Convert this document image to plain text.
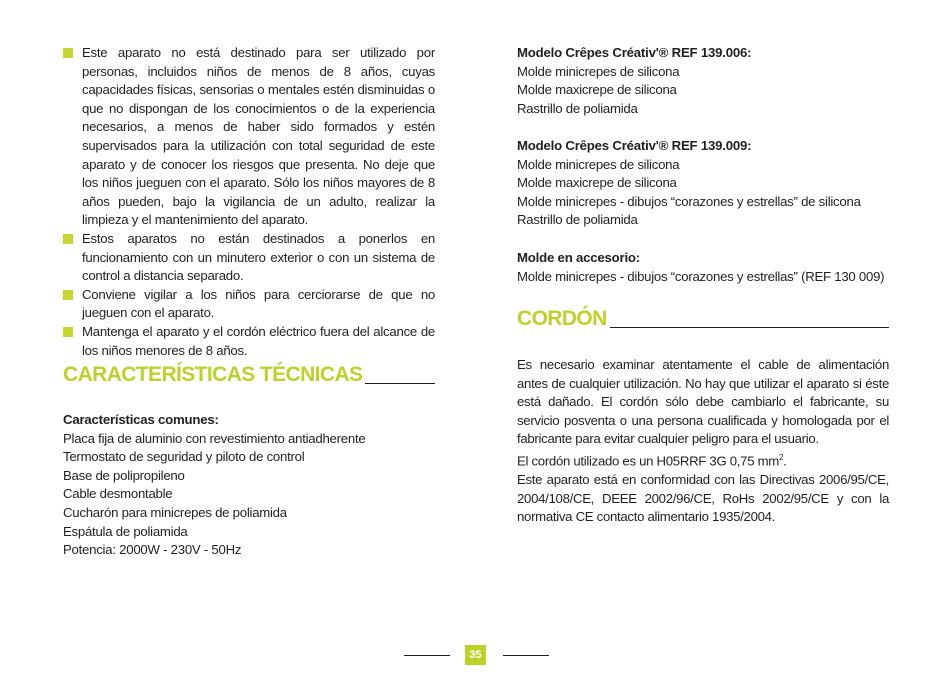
Este aparato no está destinado para ser utilizado por personas, incluidos niños de menos de 8 años, cuyas capacidades físicas, sensorias o mentales estén disminuidas o que no dispongan de los conocimientos o de la experiencia necesarios, a menos de haber sido formados y estén supervisados para la utilización con total seguridad de este aparato y de conocer los riesgos que presenta. No deje que los niños jueguen con el aparato. Sólo los niños mayores de 8 años pueden, bajo la vigilancia de un adulto, realizar la limpieza y el mantenimiento del aparato.
Estos aparatos no están destinados a ponerlos en funcionamiento con un minutero exterior o con un sistema de control a distancia separado.
Conviene vigilar a los niños para cerciorarse de que no jueguen con el aparato.
Mantenga el aparato y el cordón eléctrico fuera del alcance de los niños menores de 8 años.
CARACTERÍSTICAS TÉCNICAS
Características comunes:
Placa fija de aluminio con revestimiento antiadherente
Termostato de seguridad y piloto de control
Base de polipropileno
Cable desmontable
Cucharón para minicrepes de poliamida
Espátula de poliamida
Potencia: 2000W - 230V - 50Hz
Modelo Crêpes Créativ'® REF 139.006:
Molde minicrepes de silicona
Molde maxicrepe de silicona
Rastrillo de poliamida
Modelo Crêpes Créativ'® REF 139.009:
Molde minicrepes de silicona
Molde maxicrepe de silicona
Molde minicrepes - dibujos “corazones y estrellas” de silicona
Rastrillo de poliamida
Molde en accesorio:
Molde minicrepes - dibujos “corazones y estrellas” (REF 130 009)
CORDÓN
Es necesario examinar atentamente el cable de alimentación antes de cualquier utilización. No hay que utilizar el aparato si éste está dañado. El cordón sólo debe cambiarlo el fabricante, su servicio posventa o una persona cualificada y homologada por el fabricante para evitar cualquier peligro para el usuario.
El cordón utilizado es un H05RRF 3G 0,75 $mm^2$.
Este aparato está en conformidad con las Directivas 2006/95/CE, 2004/108/CE, DEEE 2002/96/CE, RoHs 2002/95/CE y con la normativa CE contacto alimentario 1935/2004.
35
